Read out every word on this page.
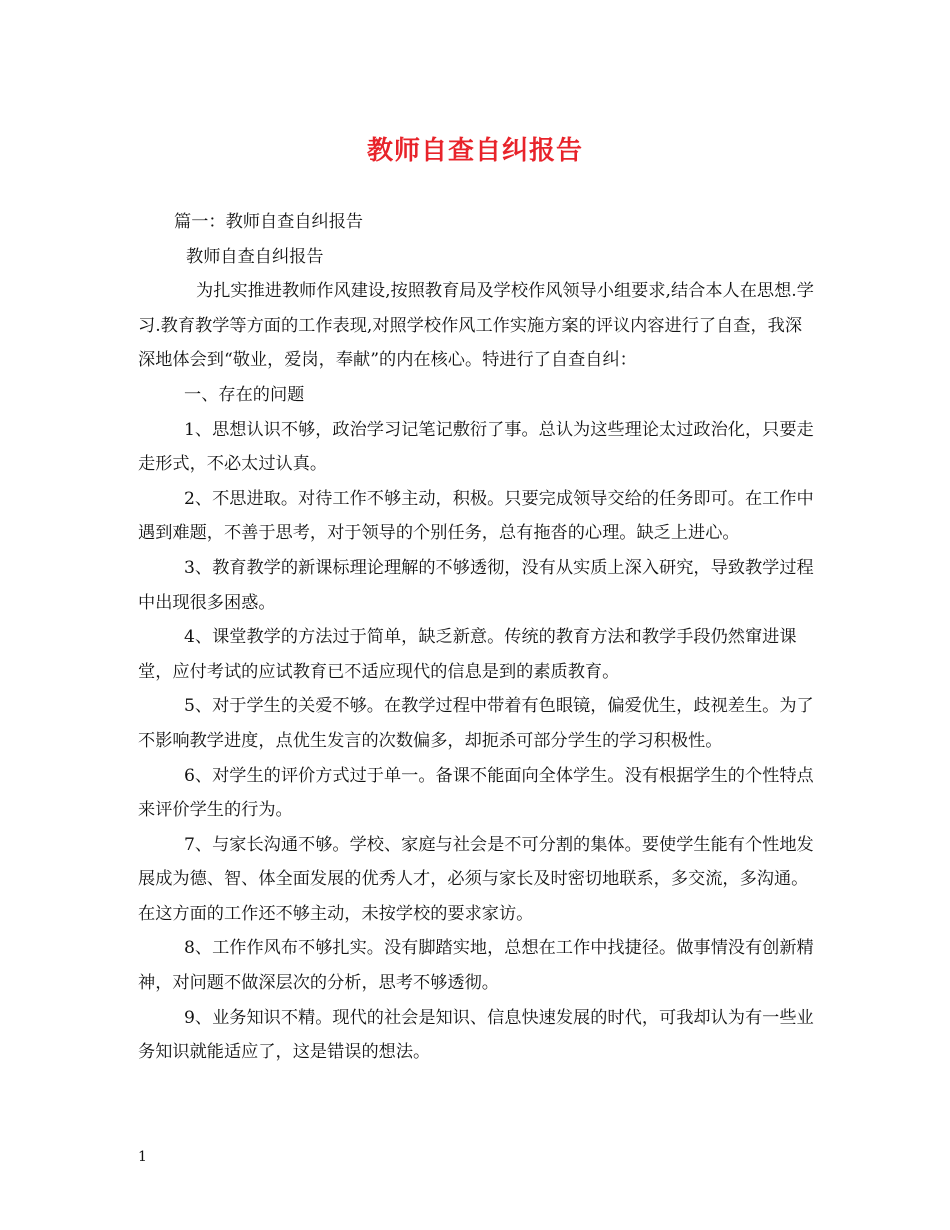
教师自查自纠报告

篇一：教师自查自纠报告

教师自查自纠报告

为扎实推进教师作风建设,按照教育局及学校作风领导小组要求,结合本人在思想.学习.教育教学等方面的工作表现,对照学校作风工作实施方案的评议内容进行了自查，我深深地体会到“敬业，爱岗，奉献”的内在核心。特进行了自查自纠：

一、存在的问题

1、思想认识不够，政治学习记笔记敷衍了事。总认为这些理论太过政治化，只要走走形式，不必太过认真。

2、不思进取。对待工作不够主动，积极。只要完成领导交给的任务即可。在工作中遇到难题，不善于思考，对于领导的个别任务，总有拖沓的心理。缺乏上进心。

3、教育教学的新课标理论理解的不够透彻，没有从实质上深入研究，导致教学过程中出现很多困惑。

4、课堂教学的方法过于简单，缺乏新意。传统的教育方法和教学手段仍然窜进课堂，应付考试的应试教育已不适应现代的信息是到的素质教育。

5、对于学生的关爱不够。在教学过程中带着有色眼镜，偏爱优生，歧视差生。为了不影响教学进度，点优生发言的次数偏多，却扼杀可部分学生的学习积极性。

6、对学生的评价方式过于单一。备课不能面向全体学生。没有根据学生的个性特点来评价学生的行为。

7、与家长沟通不够。学校、家庭与社会是不可分割的集体。要使学生能有个性地发展成为德、智、体全面发展的优秀人才，必须与家长及时密切地联系，多交流，多沟通。在这方面的工作还不够主动，未按学校的要求家访。

8、工作作风布不够扎实。没有脚踏实地，总想在工作中找捷径。做事情没有创新精神，对问题不做深层次的分析，思考不够透彻。

9、业务知识不精。现代的社会是知识、信息快速发展的时代，可我却认为有一些业务知识就能适应了，这是错误的想法。

1
